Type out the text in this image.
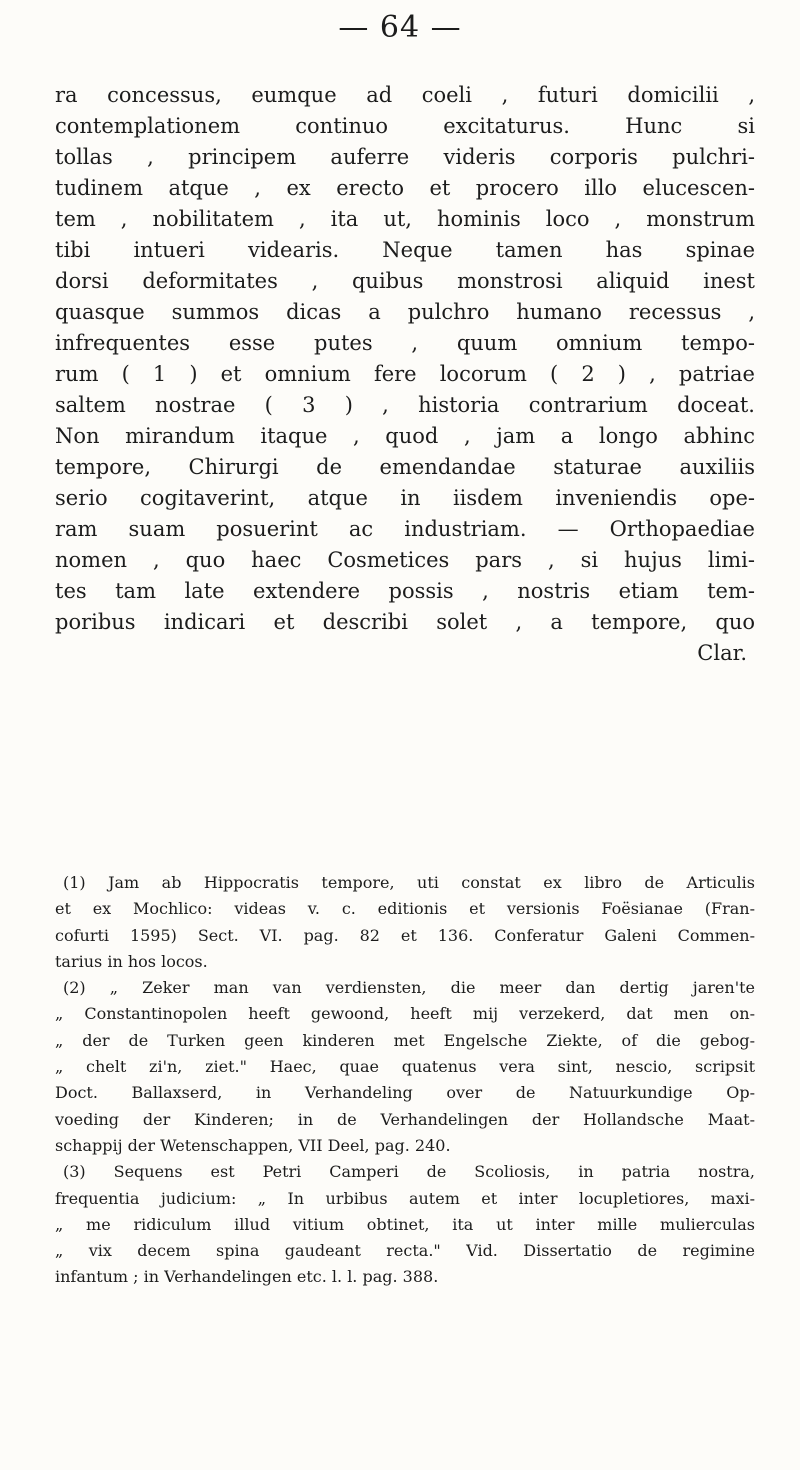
— 64 —
ra concessus, eumque ad coeli , futuri domicilii ,
contemplationem continuo excitaturus. Hunc si
tollas , principem auferre videris corporis pulchri-
tudinem atque , ex erecto et procero illo elucescen-
tem , nobilitatem , ita ut, hominis loco , monstrum
tibi intueri videaris. Neque tamen has spinae
dorsi deformitates , quibus monstrosi aliquid inest
quasque summos dicas a pulchro humano recessus ,
infrequentes esse putes , quum omnium tempo-
rum ( 1 ) et omnium fere locorum ( 2 ) , patriae
saltem nostrae ( 3 ) , historia contrarium doceat.
Non mirandum itaque , quod , jam a longo abhinc
tempore, Chirurgi de emendandae staturae auxiliis
serio cogitaverint, atque in iisdem inveniendis ope-
ram suam posuerint ac industriam. — Orthopaediae
nomen , quo haec Cosmetices pars , si hujus limi-
tes tam late extendere possis , nostris etiam tem-
poribus indicari et describi solet , a tempore, quo
Clar.
(1) Jam ab Hippocratis tempore, uti constat ex libro de Articulis
et ex Mochlico: videas v. c. editionis et versionis Foësianae (Fran-
cofurti 1595) Sect. VI. pag. 82 et 136. Conferatur Galeni Commen-
tarius in hos locos.
(2) „ Zeker man van verdiensten, die meer dan dertig jaren'te
„ Constantinopolen heeft gewoond, heeft mij verzekerd, dat men on-
„ der de Turken geen kinderen met Engelsche Ziekte, of die gebog-
„ chelt zi'n, ziet." Haec, quae quatenus vera sint, nescio, scripsit
Doct. Ballaxserd, in Verhandeling over de Natuurkundige Op-
voeding der Kinderen; in de Verhandelingen der Hollandsche Maat-
schappij der Wetenschappen, VII Deel, pag. 240.
(3) Sequens est Petri Camperi de Scoliosis, in patria nostra,
frequentia judicium: „ In urbibus autem et inter locupletiores, maxi-
„ me ridiculum illud vitium obtinet, ita ut inter mille mulierculas
„ vix decem spina gaudeant recta." Vid. Dissertatio de regimine
infantum ; in Verhandelingen etc. l. l. pag. 388.
